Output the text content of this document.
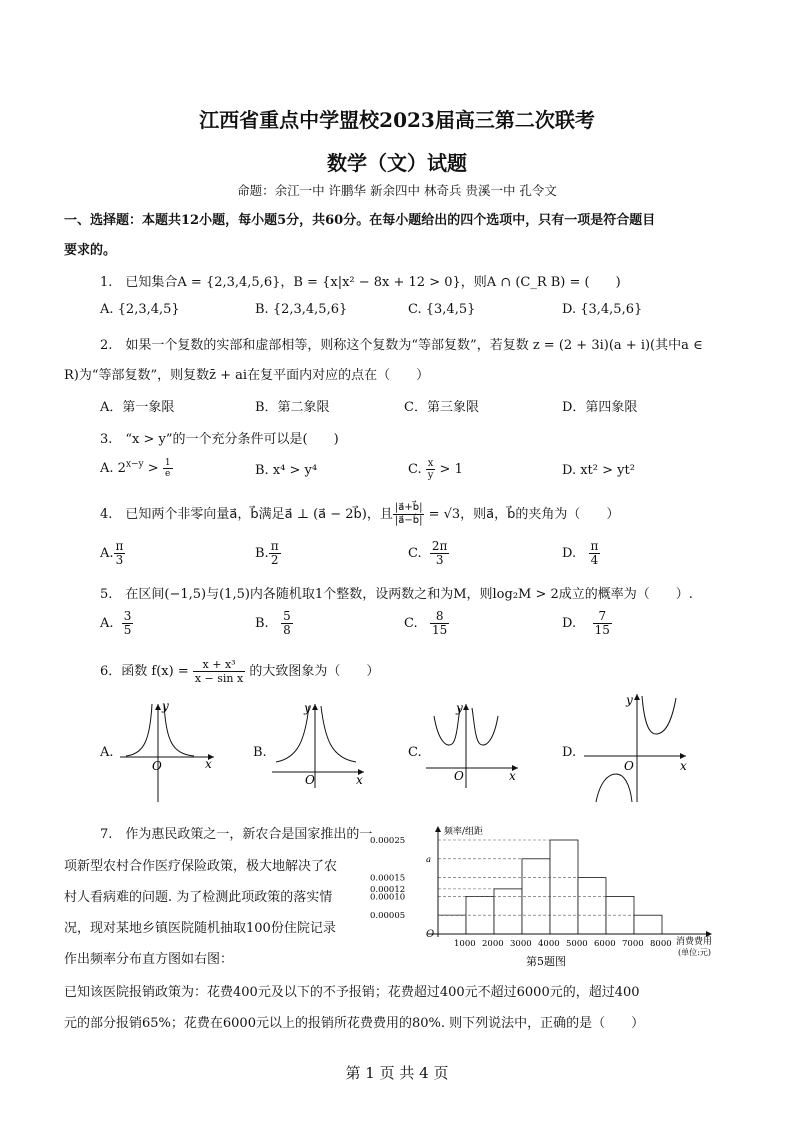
江西省重点中学盟校2023届高三第二次联考
数学（文）试题
命题：余江一中 许鹏华 新余四中 林奇兵 贵溪一中 孔令文
一、选择题：本题共12小题，每小题5分，共60分。在每小题给出的四个选项中，只有一项是符合题目
要求的。
1.　已知集合A = {2,3,4,5,6}，B = {x|x² − 8x + 12 > 0}，则A ∩ (C_R B) = (　　)
A. {2,3,4,5}	B. {2,3,4,5,6}	C. {3,4,5}	D. {3,4,5,6}
2.　如果一个复数的实部和虚部相等，则称这个复数为“等部复数”，若复数 z = (2 + 3i)(a + i)(其中a ∈
R)为“等部复数”，则复数z̄ + ai在复平面内对应的点在（　　）
A．第一象限	B．第二象限	C．第三象限	D．第四象限
3.　“x > y”的一个充分条件可以是(　　)
A. $2^{x-y} > \frac{1}{e}$	B. x⁴ > y⁴	C. $\frac{x}{y} > 1$	D. xt² > yt²
4.　已知两个非零向量a⃗，b⃗满足a⃗ ⊥ (a⃗ − 2b⃗)，且 $\frac{|a⃗+b⃗|}{|a⃗-b⃗|} = √3$，则a⃗，b⃗的夹角为（　　）
A. $\frac{\pi}{3}$	B. $\frac{\pi}{2}$	C. $\frac{2\pi}{3}$	D. $\frac{\pi}{4}$
5.　在区间(−1,5)与(1,5)内各随机取1个整数，设两数之和为M，则log₂M > 2成立的概率为（　　）.
A. $\frac{3}{5}$	B. $\frac{5}{8}$	C. $\frac{8}{15}$	D. $\frac{7}{15}$
6．函数 $f(x) = \frac{\text{x + x³}}{\text{x − sin x}}$ 的大致图象为（　　）
A.
O
y
x
B.
O
y
x
C.
O
y
x
D.
O
y
x
7.　作为惠民政策之一，新农合是国家推出的一
项新型农村合作医疗保险政策，极大地解决了农
村人看病难的问题. 为了检测此项政策的落实情
况，现对某地乡镇医院随机抽取100份住院记录
作出频率分布直方图如右图：
已知该医院报销政策为：花费400元及以下的不予报销；花费超过400元不超过6000元的，超过400
元的部分报销65%；花费在6000元以上的报销所花费费用的80%. 则下列说法中，正确的是（　　）
频率/组距
O
0.00025
a
0.00015
0.00012
0.00010
0.00005
1000 2000 3000 4000 5000 6000 7000 8000 消费费用
(单位:元)
第5题图
第 1 页 共 4 页
